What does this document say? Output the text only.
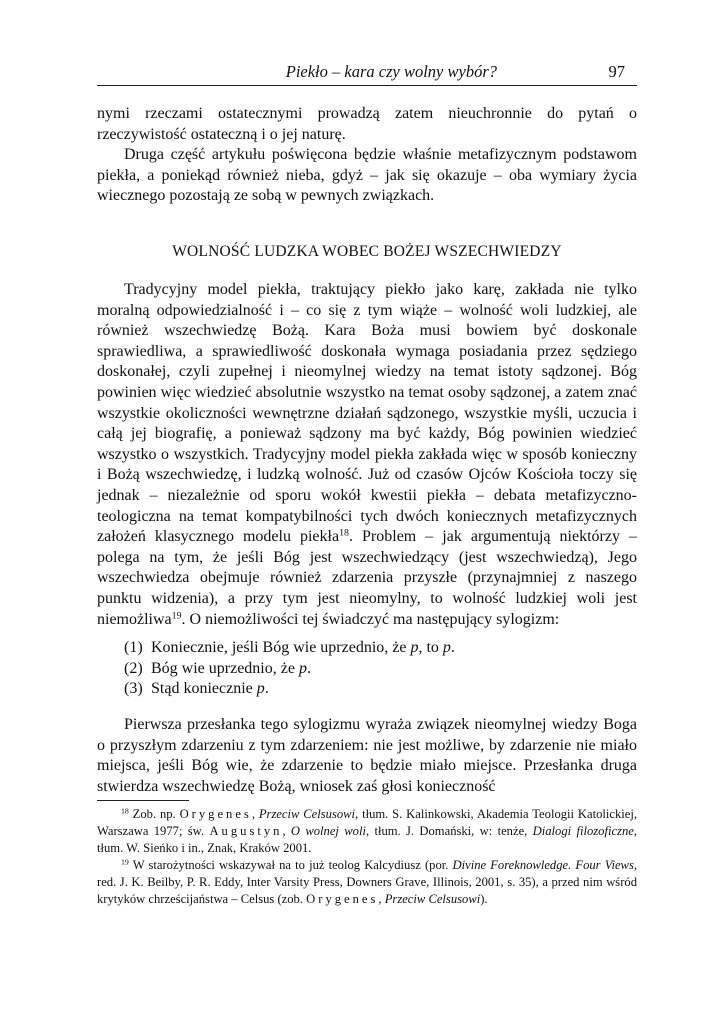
Piekło – kara czy wolny wybór?	97

nymi rzeczami ostatecznymi prowadzą zatem nieuchronnie do pytań o rzeczywistość ostateczną i o jej naturę.

Druga część artykułu poświęcona będzie właśnie metafizycznym podstawom piekła, a poniekąd również nieba, gdyż – jak się okazuje – oba wymiary życia wiecznego pozostają ze sobą w pewnych związkach.

WOLNOŚĆ LUDZKA WOBEC BOŻEJ WSZECHWIEDZY

Tradycyjny model piekła, traktujący piekło jako karę, zakłada nie tylko moralną odpowiedzialność i – co się z tym wiąże – wolność woli ludzkiej, ale również wszechwiedzę Bożą. Kara Boża musi bowiem być doskonale sprawiedliwa, a sprawiedliwość doskonała wymaga posiadania przez sędziego doskonałej, czyli zupełnej i nieomylnej wiedzy na temat istoty sądzonej. Bóg powinien więc wiedzieć absolutnie wszystko na temat osoby sądzonej, a zatem znać wszystkie okoliczności wewnętrzne działań sądzonego, wszystkie myśli, uczucia i całą jej biografię, a ponieważ sądzony ma być każdy, Bóg powinien wiedzieć wszystko o wszystkich. Tradycyjny model piekła zakłada więc w sposób konieczny i Bożą wszechwiedzę, i ludzką wolność. Już od czasów Ojców Kościoła toczy się jednak – niezależnie od sporu wokół kwestii piekła – debata metafizyczno-teologiczna na temat kompatybilności tych dwóch koniecznych metafizycznych założeń klasycznego modelu piekła$^{18}$. Problem – jak argumentują niektórzy – polega na tym, że jeśli Bóg jest wszechwiedzący (jest wszechwiedzą), Jego wszechwiedza obejmuje również zdarzenia przyszłe (przynajmniej z naszego punktu widzenia), a przy tym jest nieomylny, to wolność ludzkiej woli jest niemożliwa$^{19}$. O niemożliwości tej świadczyć ma następujący sylogizm:

(1) Koniecznie, jeśli Bóg wie uprzednio, że p, to p.
(2) Bóg wie uprzednio, że p.
(3) Stąd koniecznie p.

Pierwsza przesłanka tego sylogizmu wyraża związek nieomylnej wiedzy Boga o przyszłym zdarzeniu z tym zdarzeniem: nie jest możliwe, by zdarzenie nie miało miejsca, jeśli Bóg wie, że zdarzenie to będzie miało miejsce. Przesłanka druga stwierdza wszechwiedzę Bożą, wniosek zaś głosi konieczność

$^{18}$ Zob. np. Orygenes, Przeciw Celsusowi, tłum. S. Kalinkowski, Akademia Teologii Katolickiej, Warszawa 1977; św. Augustyn, O wolnej woli, tłum. J. Domański, w: tenże, Dialogi filozoficzne, tłum. W. Sieńko i in., Znak, Kraków 2001.

$^{19}$ W starożytności wskazywał na to już teolog Kalcydiusz (por. Divine Foreknowledge. Four Views, red. J. K. Beilby, P. R. Eddy, Inter Varsity Press, Downers Grave, Illinois, 2001, s. 35), a przed nim wśród krytyków chrześcijaństwa – Celsus (zob. Orygenes, Przeciw Celsusowi).
